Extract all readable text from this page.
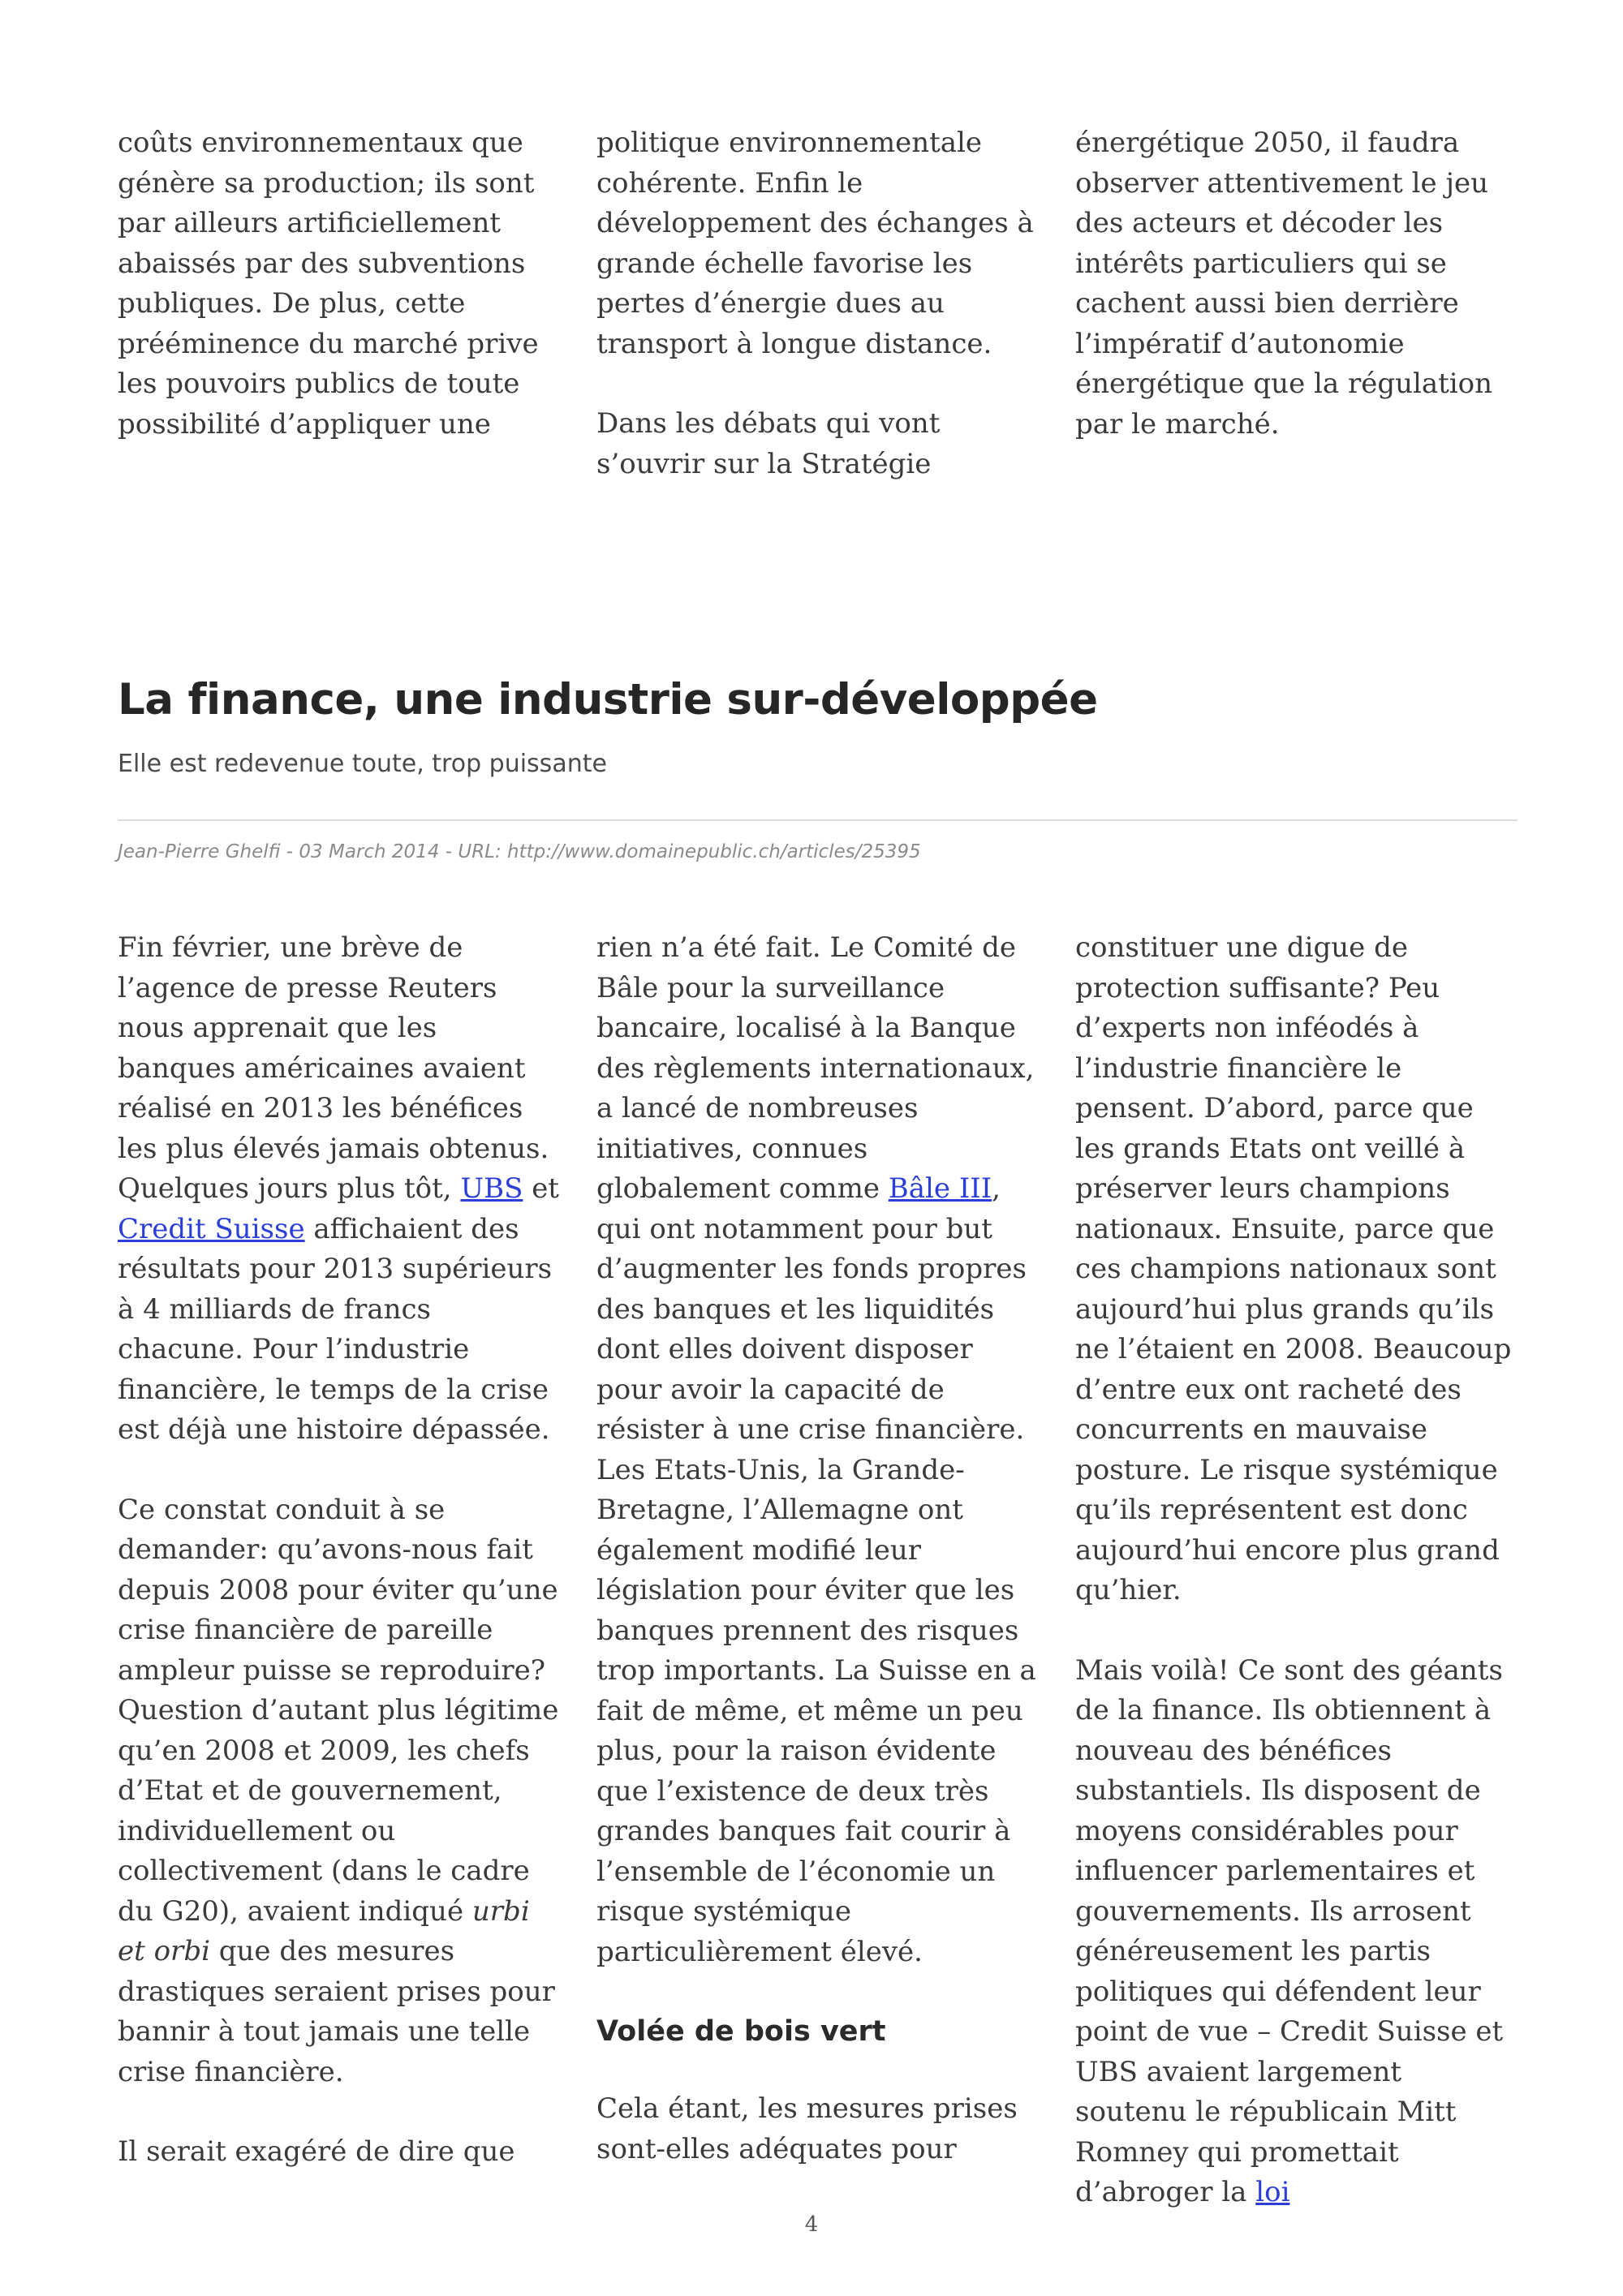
coûts environnementaux que génère sa production; ils sont par ailleurs artificiellement abaissés par des subventions publiques. De plus, cette prééminence du marché prive les pouvoirs publics de toute possibilité d’appliquer une

politique environnementale cohérente. Enfin le développement des échanges à grande échelle favorise les pertes d’énergie dues au transport à longue distance.

Dans les débats qui vont s’ouvrir sur la Stratégie

énergétique 2050, il faudra observer attentivement le jeu des acteurs et décoder les intérêts particuliers qui se cachent aussi bien derrière l’impératif d’autonomie énergétique que la régulation par le marché.

La finance, une industrie sur-développée
Elle est redevenue toute, trop puissante
Jean-Pierre Ghelfi - 03 March 2014 - URL: http://www.domainepublic.ch/articles/25395

Fin février, une brève de l’agence de presse Reuters nous apprenait que les banques américaines avaient réalisé en 2013 les bénéfices les plus élevés jamais obtenus. Quelques jours plus tôt, UBS et Credit Suisse affichaient des résultats pour 2013 supérieurs à 4 milliards de francs chacune. Pour l’industrie financière, le temps de la crise est déjà une histoire dépassée.

Ce constat conduit à se demander: qu’avons-nous fait depuis 2008 pour éviter qu’une crise financière de pareille ampleur puisse se reproduire? Question d’autant plus légitime qu’en 2008 et 2009, les chefs d’Etat et de gouvernement, individuellement ou collectivement (dans le cadre du G20), avaient indiqué urbi et orbi que des mesures drastiques seraient prises pour bannir à tout jamais une telle crise financière.

Il serait exagéré de dire que

rien n’a été fait. Le Comité de Bâle pour la surveillance bancaire, localisé à la Banque des règlements internationaux, a lancé de nombreuses initiatives, connues globalement comme Bâle III, qui ont notamment pour but d’augmenter les fonds propres des banques et les liquidités dont elles doivent disposer pour avoir la capacité de résister à une crise financière. Les Etats-Unis, la Grande-Bretagne, l’Allemagne ont également modifié leur législation pour éviter que les banques prennent des risques trop importants. La Suisse en a fait de même, et même un peu plus, pour la raison évidente que l’existence de deux très grandes banques fait courir à l’ensemble de l’économie un risque systémique particulièrement élevé.

Volée de bois vert

Cela étant, les mesures prises sont-elles adéquates pour

constituer une digue de protection suffisante? Peu d’experts non inféodés à l’industrie financière le pensent. D’abord, parce que les grands Etats ont veillé à préserver leurs champions nationaux. Ensuite, parce que ces champions nationaux sont aujourd’hui plus grands qu’ils ne l’étaient en 2008. Beaucoup d’entre eux ont racheté des concurrents en mauvaise posture. Le risque systémique qu’ils représentent est donc aujourd’hui encore plus grand qu’hier.

Mais voilà! Ce sont des géants de la finance. Ils obtiennent à nouveau des bénéfices substantiels. Ils disposent de moyens considérables pour influencer parlementaires et gouvernements. Ils arrosent généreusement les partis politiques qui défendent leur point de vue – Credit Suisse et UBS avaient largement soutenu le républicain Mitt Romney qui promettait d’abroger la loi

4
